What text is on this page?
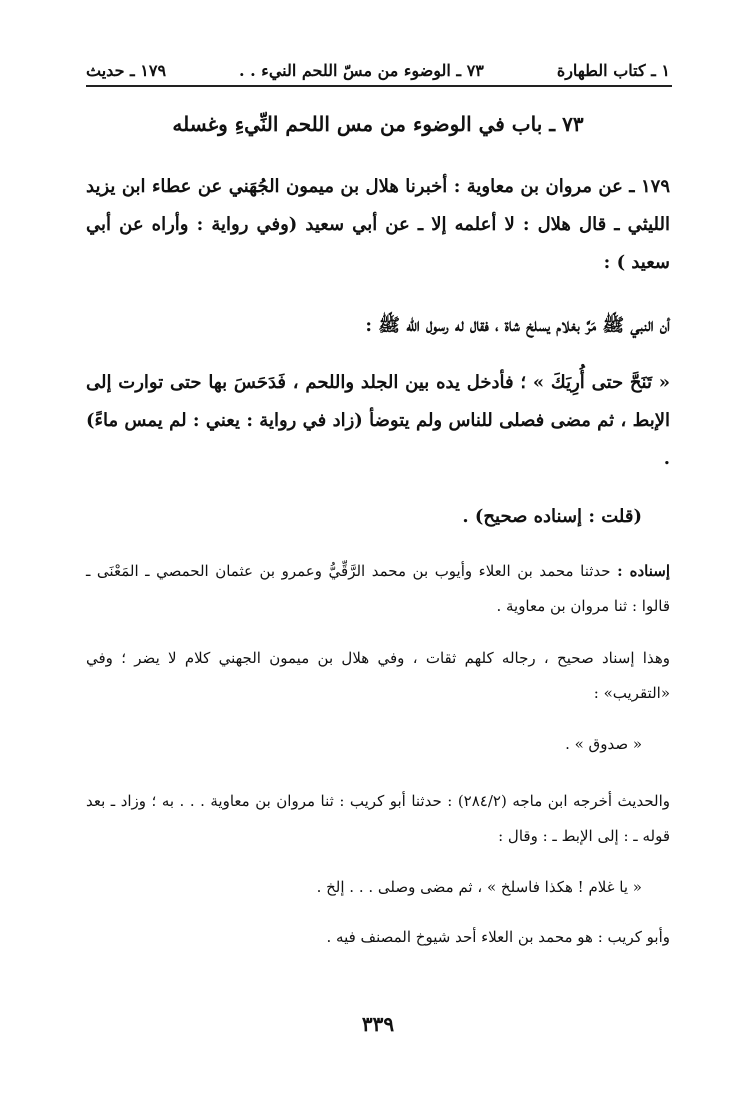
١ ـ كتاب الطهارة
٧٣ ـ الوضوء من مسّ اللحم النيء . .
١٧٩ ـ حديث
٧٣ ـ باب في الوضوء من مس اللحم النِّيءِ وغسله

١٧٩ ـ عن مروان بن معاوية : أخبرنا هلال بن ميمون الجُهَني عن عطاء ابن يزيد الليثي ـ قال هلال : لا أعلمه إلا ـ عن أبي سعيد (وفي رواية : وأراه عن أبي سعيد ) :

أن النبي ﷺ مَرَّ بغلام يسلخ شاة ، فقال له رسول الله ﷺ :

« تَنَحَّ حتى أُرِيَكَ » ؛ فأدخل يده بين الجلد واللحم ، فَدَحَسَ بها حتى توارت إلى الإبط ، ثم مضى فصلى للناس ولم يتوضأ (زاد في رواية : يعني : لم يمس ماءً) .

(قلت : إسناده صحيح) .

إسناده : حدثنا محمد بن العلاء وأيوب بن محمد الرَّقِّيُّ وعمرو بن عثمان الحمصي ـ المَعْنَى ـ قالوا : ثنا مروان بن معاوية .

وهذا إسناد صحيح ، رجاله كلهم ثقات ، وفي هلال بن ميمون الجهني كلام لا يضر ؛ وفي «التقريب» :

« صدوق » .

والحديث أخرجه ابن ماجه (٢٨٤/٢) : حدثنا أبو كريب : ثنا مروان بن معاوية . . . به ؛ وزاد ـ بعد قوله ـ : إلى الإبط ـ : وقال :

« يا غلام ! هكذا فاسلخ » ، ثم مضى وصلى . . . إلخ .

وأبو كريب : هو محمد بن العلاء أحد شيوخ المصنف فيه .

٣٣٩
